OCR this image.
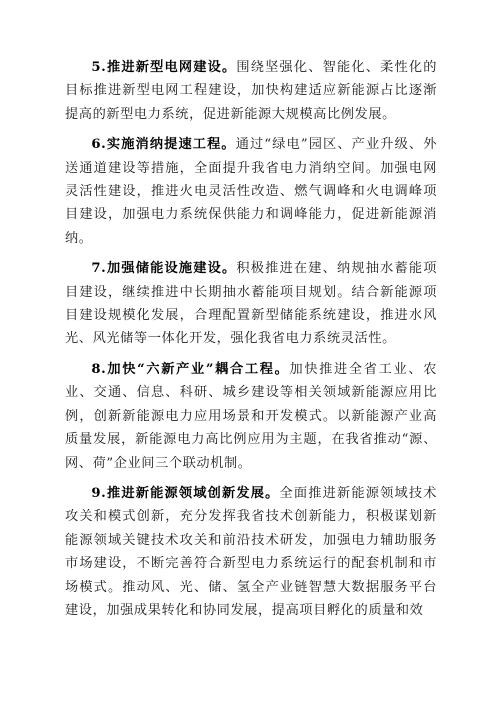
5.推进新型电网建设。围绕坚强化、智能化、柔性化的目标推进新型电网工程建设，加快构建适应新能源占比逐渐提高的新型电力系统，促进新能源大规模高比例发展。

6.实施消纳提速工程。通过“绿电”园区、产业升级、外送通道建设等措施，全面提升我省电力消纳空间。加强电网灵活性建设，推进火电灵活性改造、燃气调峰和火电调峰项目建设，加强电力系统保供能力和调峰能力，促进新能源消纳。

7.加强储能设施建设。积极推进在建、纳规抽水蓄能项目建设，继续推进中长期抽水蓄能项目规划。结合新能源项目建设规模化发展，合理配置新型储能系统建设，推进水风光、风光储等一体化开发，强化我省电力系统灵活性。

8.加快“六新产业”耦合工程。加快推进全省工业、农业、交通、信息、科研、城乡建设等相关领域新能源应用比例，创新新能源电力应用场景和开发模式。以新能源产业高质量发展，新能源电力高比例应用为主题，在我省推动“源、网、荷”企业间三个联动机制。

9.推进新能源领域创新发展。全面推进新能源领域技术攻关和模式创新，充分发挥我省技术创新能力，积极谋划新能源领域关键技术攻关和前沿技术研发，加强电力辅助服务市场建设，不断完善符合新型电力系统运行的配套机制和市场模式。推动风、光、储、氢全产业链智慧大数据服务平台建设，加强成果转化和协同发展，提高项目孵化的质量和效
